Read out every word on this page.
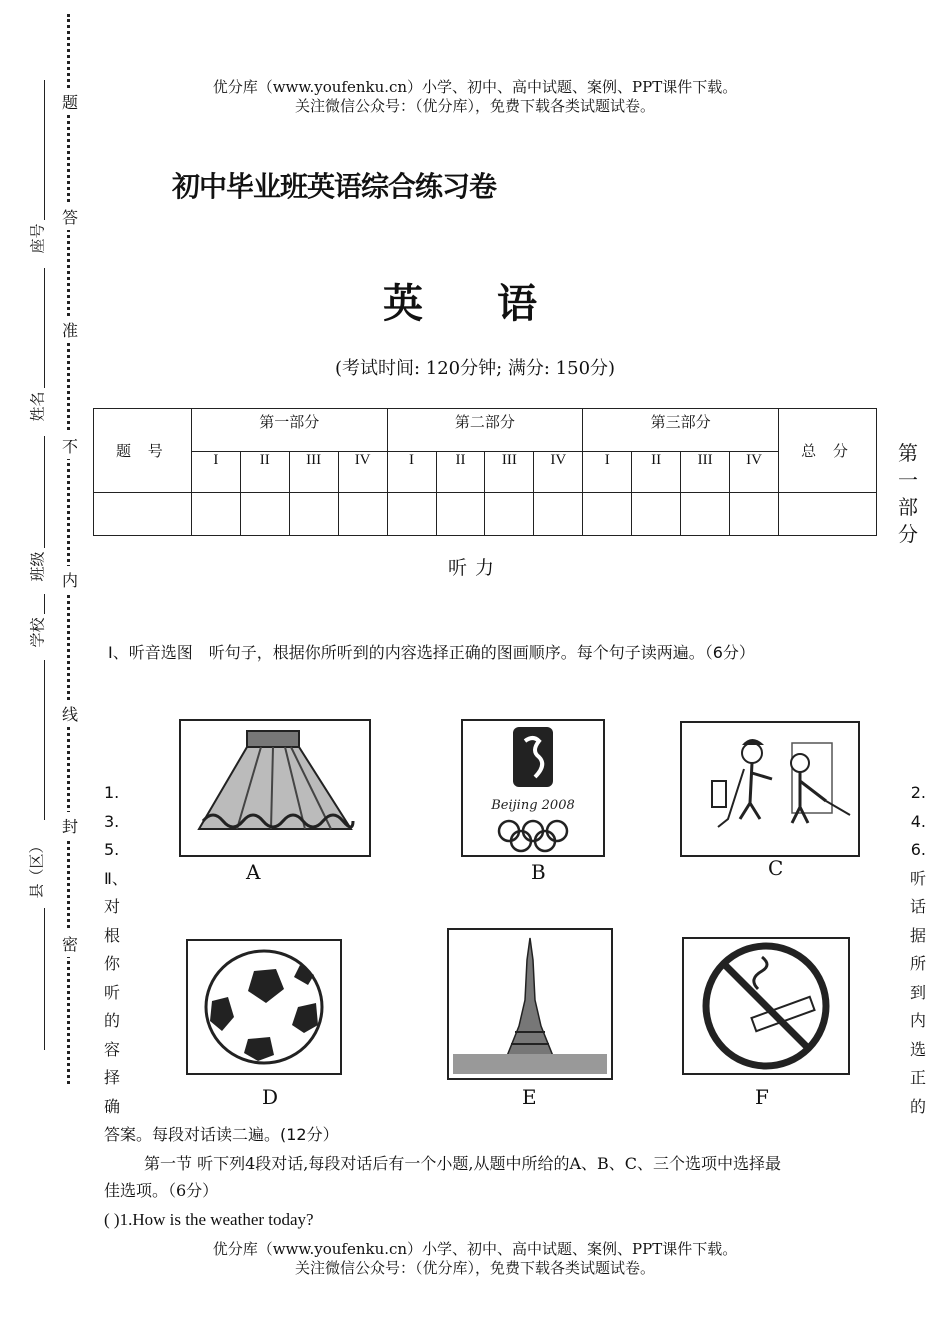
优分库（www.youfenku.cn）小学、初中、高中试题、案例、PPT课件下载。
关注微信公众号：（优分库），免费下载各类试题试卷。
题
答
准
不
内
线
封
密
座号
姓名
班级
学校
县（区）
初中毕业班英语综合练习卷
英 语
(考试时间: 120分钟; 满分: 150分)
题 号	第一部分				第二部分				第三部分				总 分
	I	II	III	IV	I	II	III	IV	I	II	III	IV	
														第
一
部
分
听力
Ⅰ、听音选图　听句子，根据你所听到的内容选择正确的图画顺序。每个句子读两遍。（6分）
A
Beijing 2008
B	C
D	E	F
1.
3.
5.
Ⅱ、
对
根
你
听
的
容
择
确
2.
4.
6.
听
话
据
所
到
内
选
正
的
答案。每段对话读二遍。(12分）
第一节 听下列4段对话,每段对话后有一个小题,从题中所给的A、B、C、三个选项中选择最
佳选项。（6分）
( )1.How is the weather today?
优分库（www.youfenku.cn）小学、初中、高中试题、案例、PPT课件下载。
关注微信公众号：（优分库），免费下载各类试题试卷。
